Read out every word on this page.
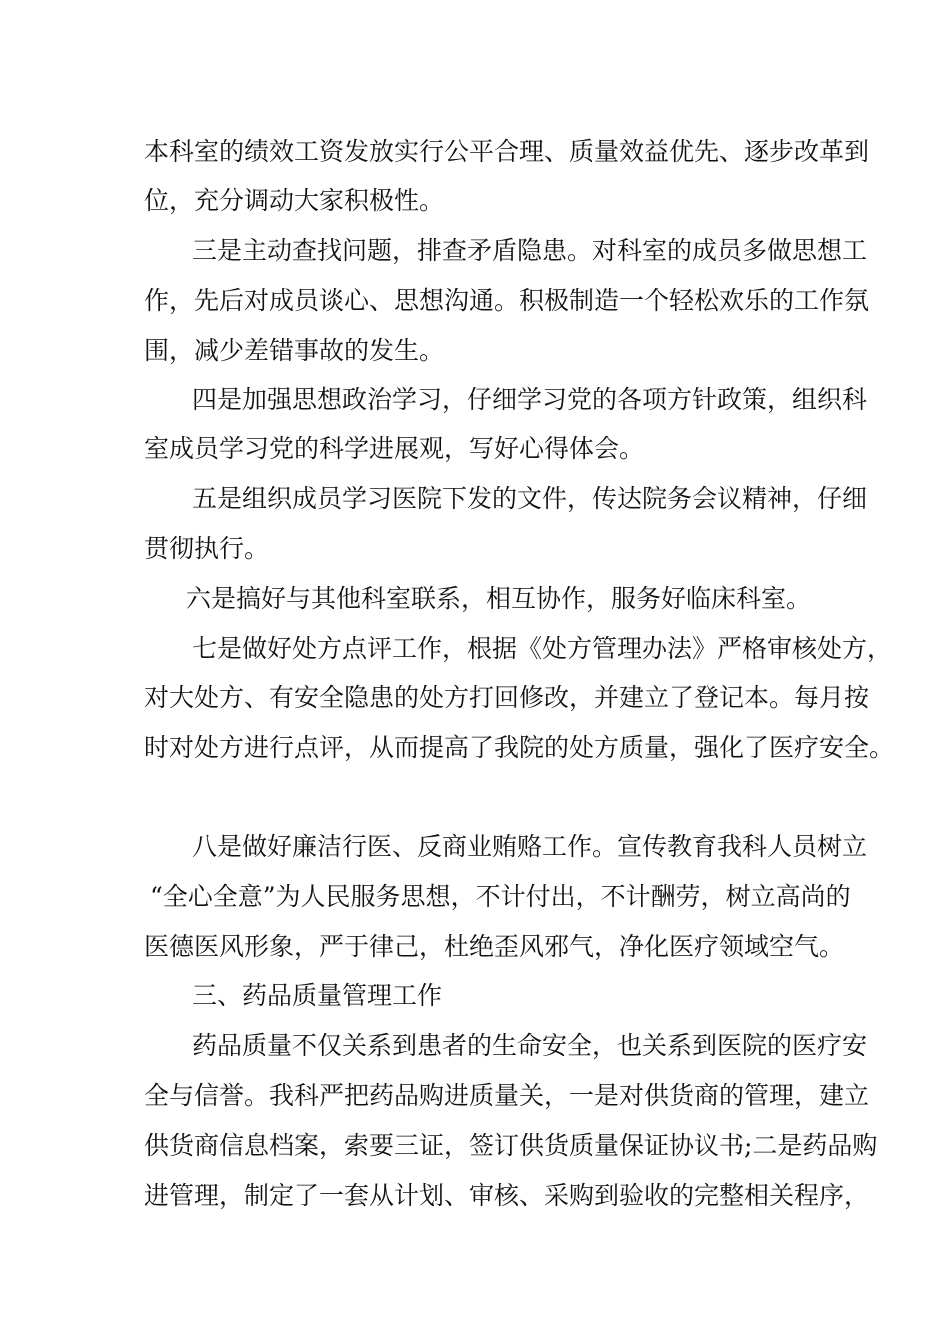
本科室的绩效工资发放实行公平合理、质量效益优先、逐步改革到
位，充分调动大家积极性。
三是主动查找问题，排查矛盾隐患。对科室的成员多做思想工
作，先后对成员谈心、思想沟通。积极制造一个轻松欢乐的工作氛
围，减少差错事故的发生。
四是加强思想政治学习，仔细学习党的各项方针政策，组织科
室成员学习党的科学进展观，写好心得体会。
五是组织成员学习医院下发的文件，传达院务会议精神，仔细
贯彻执行。
六是搞好与其他科室联系，相互协作，服务好临床科室。
七是做好处方点评工作，根据《处方管理办法》严格审核处方，
对大处方、有安全隐患的处方打回修改，并建立了登记本。每月按
时对处方进行点评，从而提高了我院的处方质量，强化了医疗安全。
八是做好廉洁行医、反商业贿赂工作。宣传教育我科人员树立
“全心全意”为人民服务思想，不计付出，不计酬劳，树立高尚的
医德医风形象，严于律己，杜绝歪风邪气，净化医疗领域空气。
三、药品质量管理工作
药品质量不仅关系到患者的生命安全，也关系到医院的医疗安
全与信誉。我科严把药品购进质量关，一是对供货商的管理，建立
供货商信息档案，索要三证，签订供货质量保证协议书;二是药品购
进管理，制定了一套从计划、审核、采购到验收的完整相关程序，
